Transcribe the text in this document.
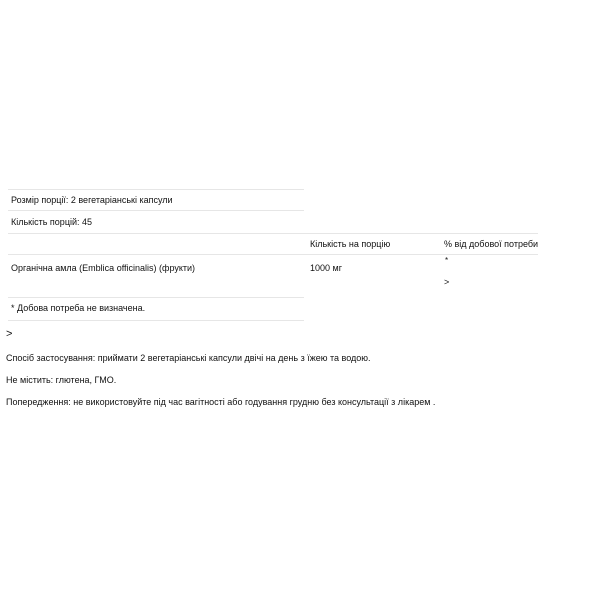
Розмір порції: 2 вегетаріанські капсули
Кількість порцій: 45
Кількість на порцію	% від добової потреби
Органічна амла (Emblica officinalis) (фрукти)	1000 мг
*
>
* Добова потреба не визначена.
>
Спосіб застосування: приймати 2 вегетаріанські капсули двічі на день з їжею та водою.
Не містить: глютена, ГМО.
Попередження: не використовуйте під час вагітності або годування грудню без консультації з лікарем .
